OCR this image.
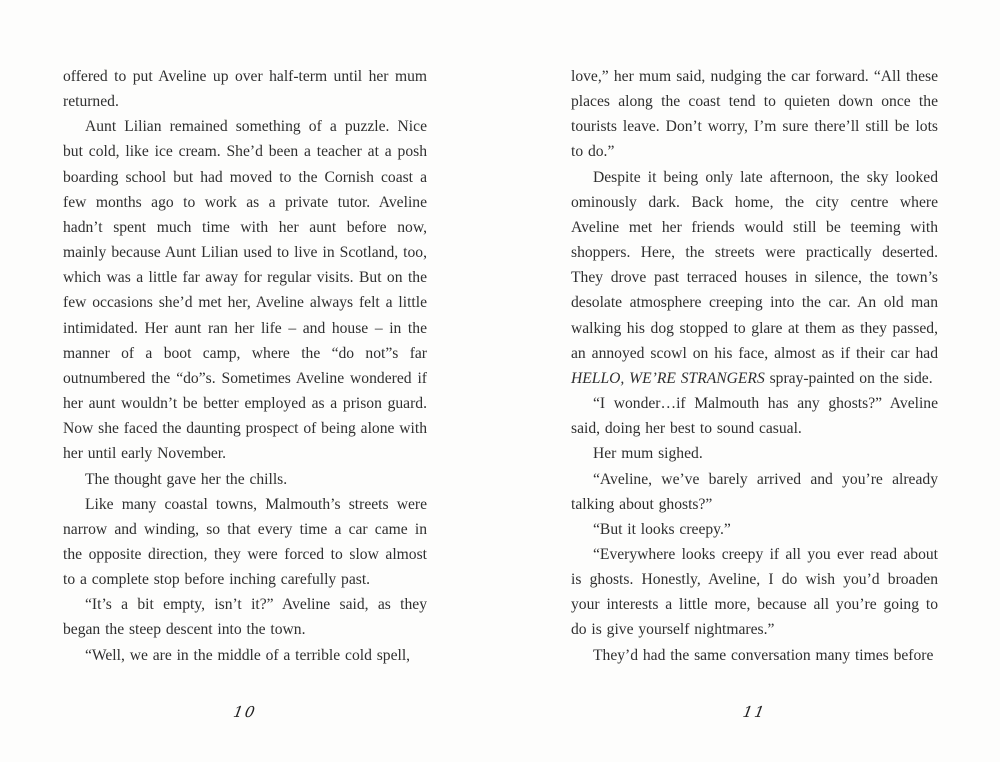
offered to put Aveline up over half-term until her mum returned.

Aunt Lilian remained something of a puzzle. Nice but cold, like ice cream. She’d been a teacher at a posh boarding school but had moved to the Cornish coast a few months ago to work as a private tutor. Aveline hadn’t spent much time with her aunt before now, mainly because Aunt Lilian used to live in Scotland, too, which was a little far away for regular visits. But on the few occasions she’d met her, Aveline always felt a little intimidated. Her aunt ran her life – and house – in the manner of a boot camp, where the “do not”s far outnumbered the “do”s. Sometimes Aveline wondered if her aunt wouldn’t be better employed as a prison guard. Now she faced the daunting prospect of being alone with her until early November.

The thought gave her the chills.

Like many coastal towns, Malmouth’s streets were narrow and winding, so that every time a car came in the opposite direction, they were forced to slow almost to a complete stop before inching carefully past.

“It’s a bit empty, isn’t it?” Aveline said, as they began the steep descent into the town.

“Well, we are in the middle of a terrible cold spell,

10

love,” her mum said, nudging the car forward. “All these places along the coast tend to quieten down once the tourists leave. Don’t worry, I’m sure there’ll still be lots to do.”

Despite it being only late afternoon, the sky looked ominously dark. Back home, the city centre where Aveline met her friends would still be teeming with shoppers. Here, the streets were practically deserted. They drove past terraced houses in silence, the town’s desolate atmosphere creeping into the car. An old man walking his dog stopped to glare at them as they passed, an annoyed scowl on his face, almost as if their car had HELLO, WE’RE STRANGERS spray-painted on the side.

“I wonder…if Malmouth has any ghosts?” Aveline said, doing her best to sound casual.

Her mum sighed.

“Aveline, we’ve barely arrived and you’re already talking about ghosts?”

“But it looks creepy.”

“Everywhere looks creepy if all you ever read about is ghosts. Honestly, Aveline, I do wish you’d broaden your interests a little more, because all you’re going to do is give yourself nightmares.”

They’d had the same conversation many times before

11
